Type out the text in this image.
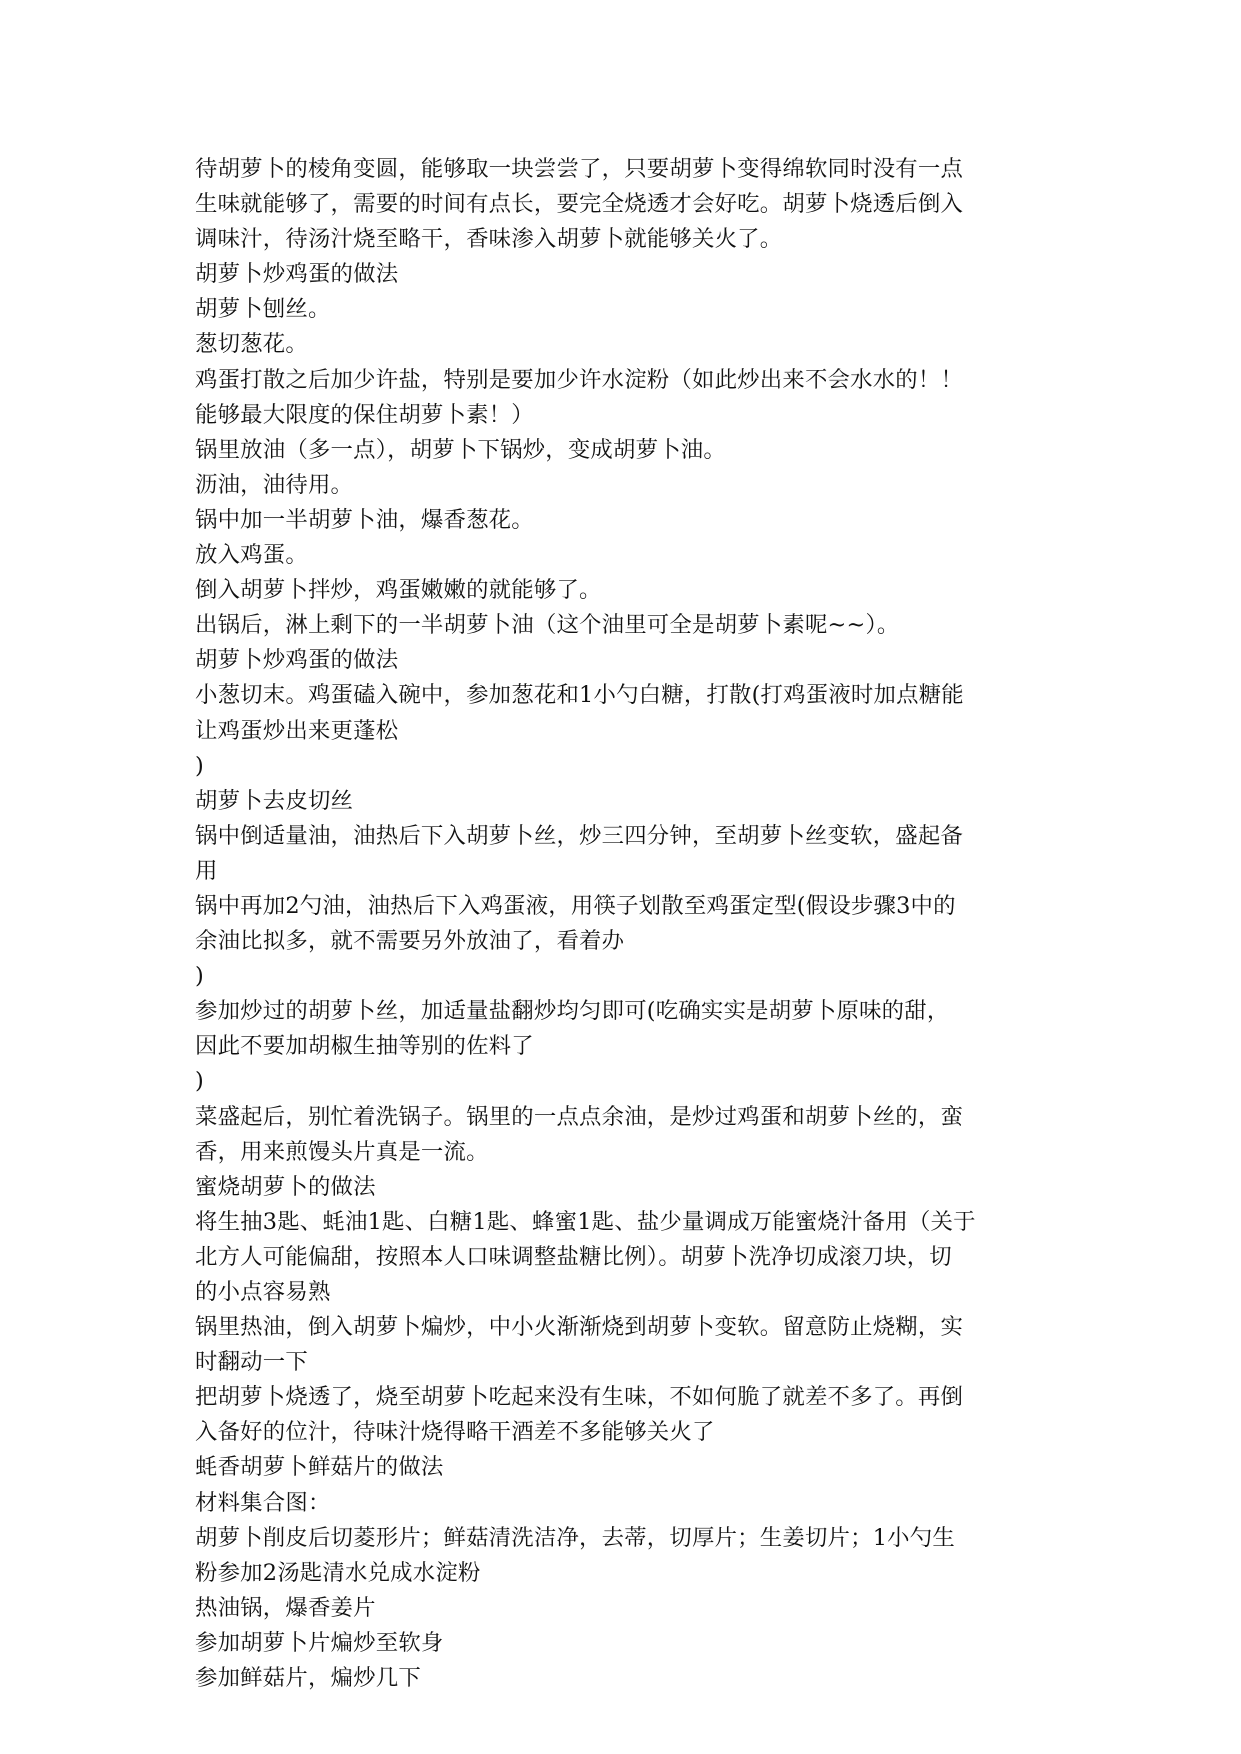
待胡萝卜的棱角变圆，能够取一块尝尝了，只要胡萝卜变得绵软同时没有一点
生味就能够了，需要的时间有点长，要完全烧透才会好吃。胡萝卜烧透后倒入
调味汁，待汤汁烧至略干，香味渗入胡萝卜就能够关火了。
胡萝卜炒鸡蛋的做法
胡萝卜刨丝。
葱切葱花。
鸡蛋打散之后加少许盐，特别是要加少许水淀粉（如此炒出来不会水水的！！
能够最大限度的保住胡萝卜素！）
锅里放油（多一点），胡萝卜下锅炒，变成胡萝卜油。
沥油，油待用。
锅中加一半胡萝卜油，爆香葱花。
放入鸡蛋。
倒入胡萝卜拌炒，鸡蛋嫩嫩的就能够了。
出锅后，淋上剩下的一半胡萝卜油（这个油里可全是胡萝卜素呢~~）。
胡萝卜炒鸡蛋的做法
小葱切末。鸡蛋磕入碗中，参加葱花和1小勺白糖，打散(打鸡蛋液时加点糖能
让鸡蛋炒出来更蓬松
)
胡萝卜去皮切丝
锅中倒适量油，油热后下入胡萝卜丝，炒三四分钟，至胡萝卜丝变软，盛起备
用
锅中再加2勺油，油热后下入鸡蛋液，用筷子划散至鸡蛋定型(假设步骤3中的
余油比拟多，就不需要另外放油了，看着办
)
参加炒过的胡萝卜丝，加适量盐翻炒均匀即可(吃确实实是胡萝卜原味的甜，
因此不要加胡椒生抽等别的佐料了
)
菜盛起后，别忙着洗锅子。锅里的一点点余油，是炒过鸡蛋和胡萝卜丝的，蛮
香，用来煎馒头片真是一流。
蜜烧胡萝卜的做法
将生抽3匙、蚝油1匙、白糖1匙、蜂蜜1匙、盐少量调成万能蜜烧汁备用（关于
北方人可能偏甜，按照本人口味调整盐糖比例）。胡萝卜洗净切成滚刀块，切
的小点容易熟
锅里热油，倒入胡萝卜煸炒，中小火渐渐烧到胡萝卜变软。留意防止烧糊，实
时翻动一下
把胡萝卜烧透了，烧至胡萝卜吃起来没有生味，不如何脆了就差不多了。再倒
入备好的位汁，待味汁烧得略干酒差不多能够关火了
蚝香胡萝卜鲜菇片的做法
材料集合图：
胡萝卜削皮后切菱形片；鲜菇清洗洁净，去蒂，切厚片；生姜切片；1小勺生
粉参加2汤匙清水兑成水淀粉
热油锅，爆香姜片
参加胡萝卜片煸炒至软身
参加鲜菇片，煸炒几下
